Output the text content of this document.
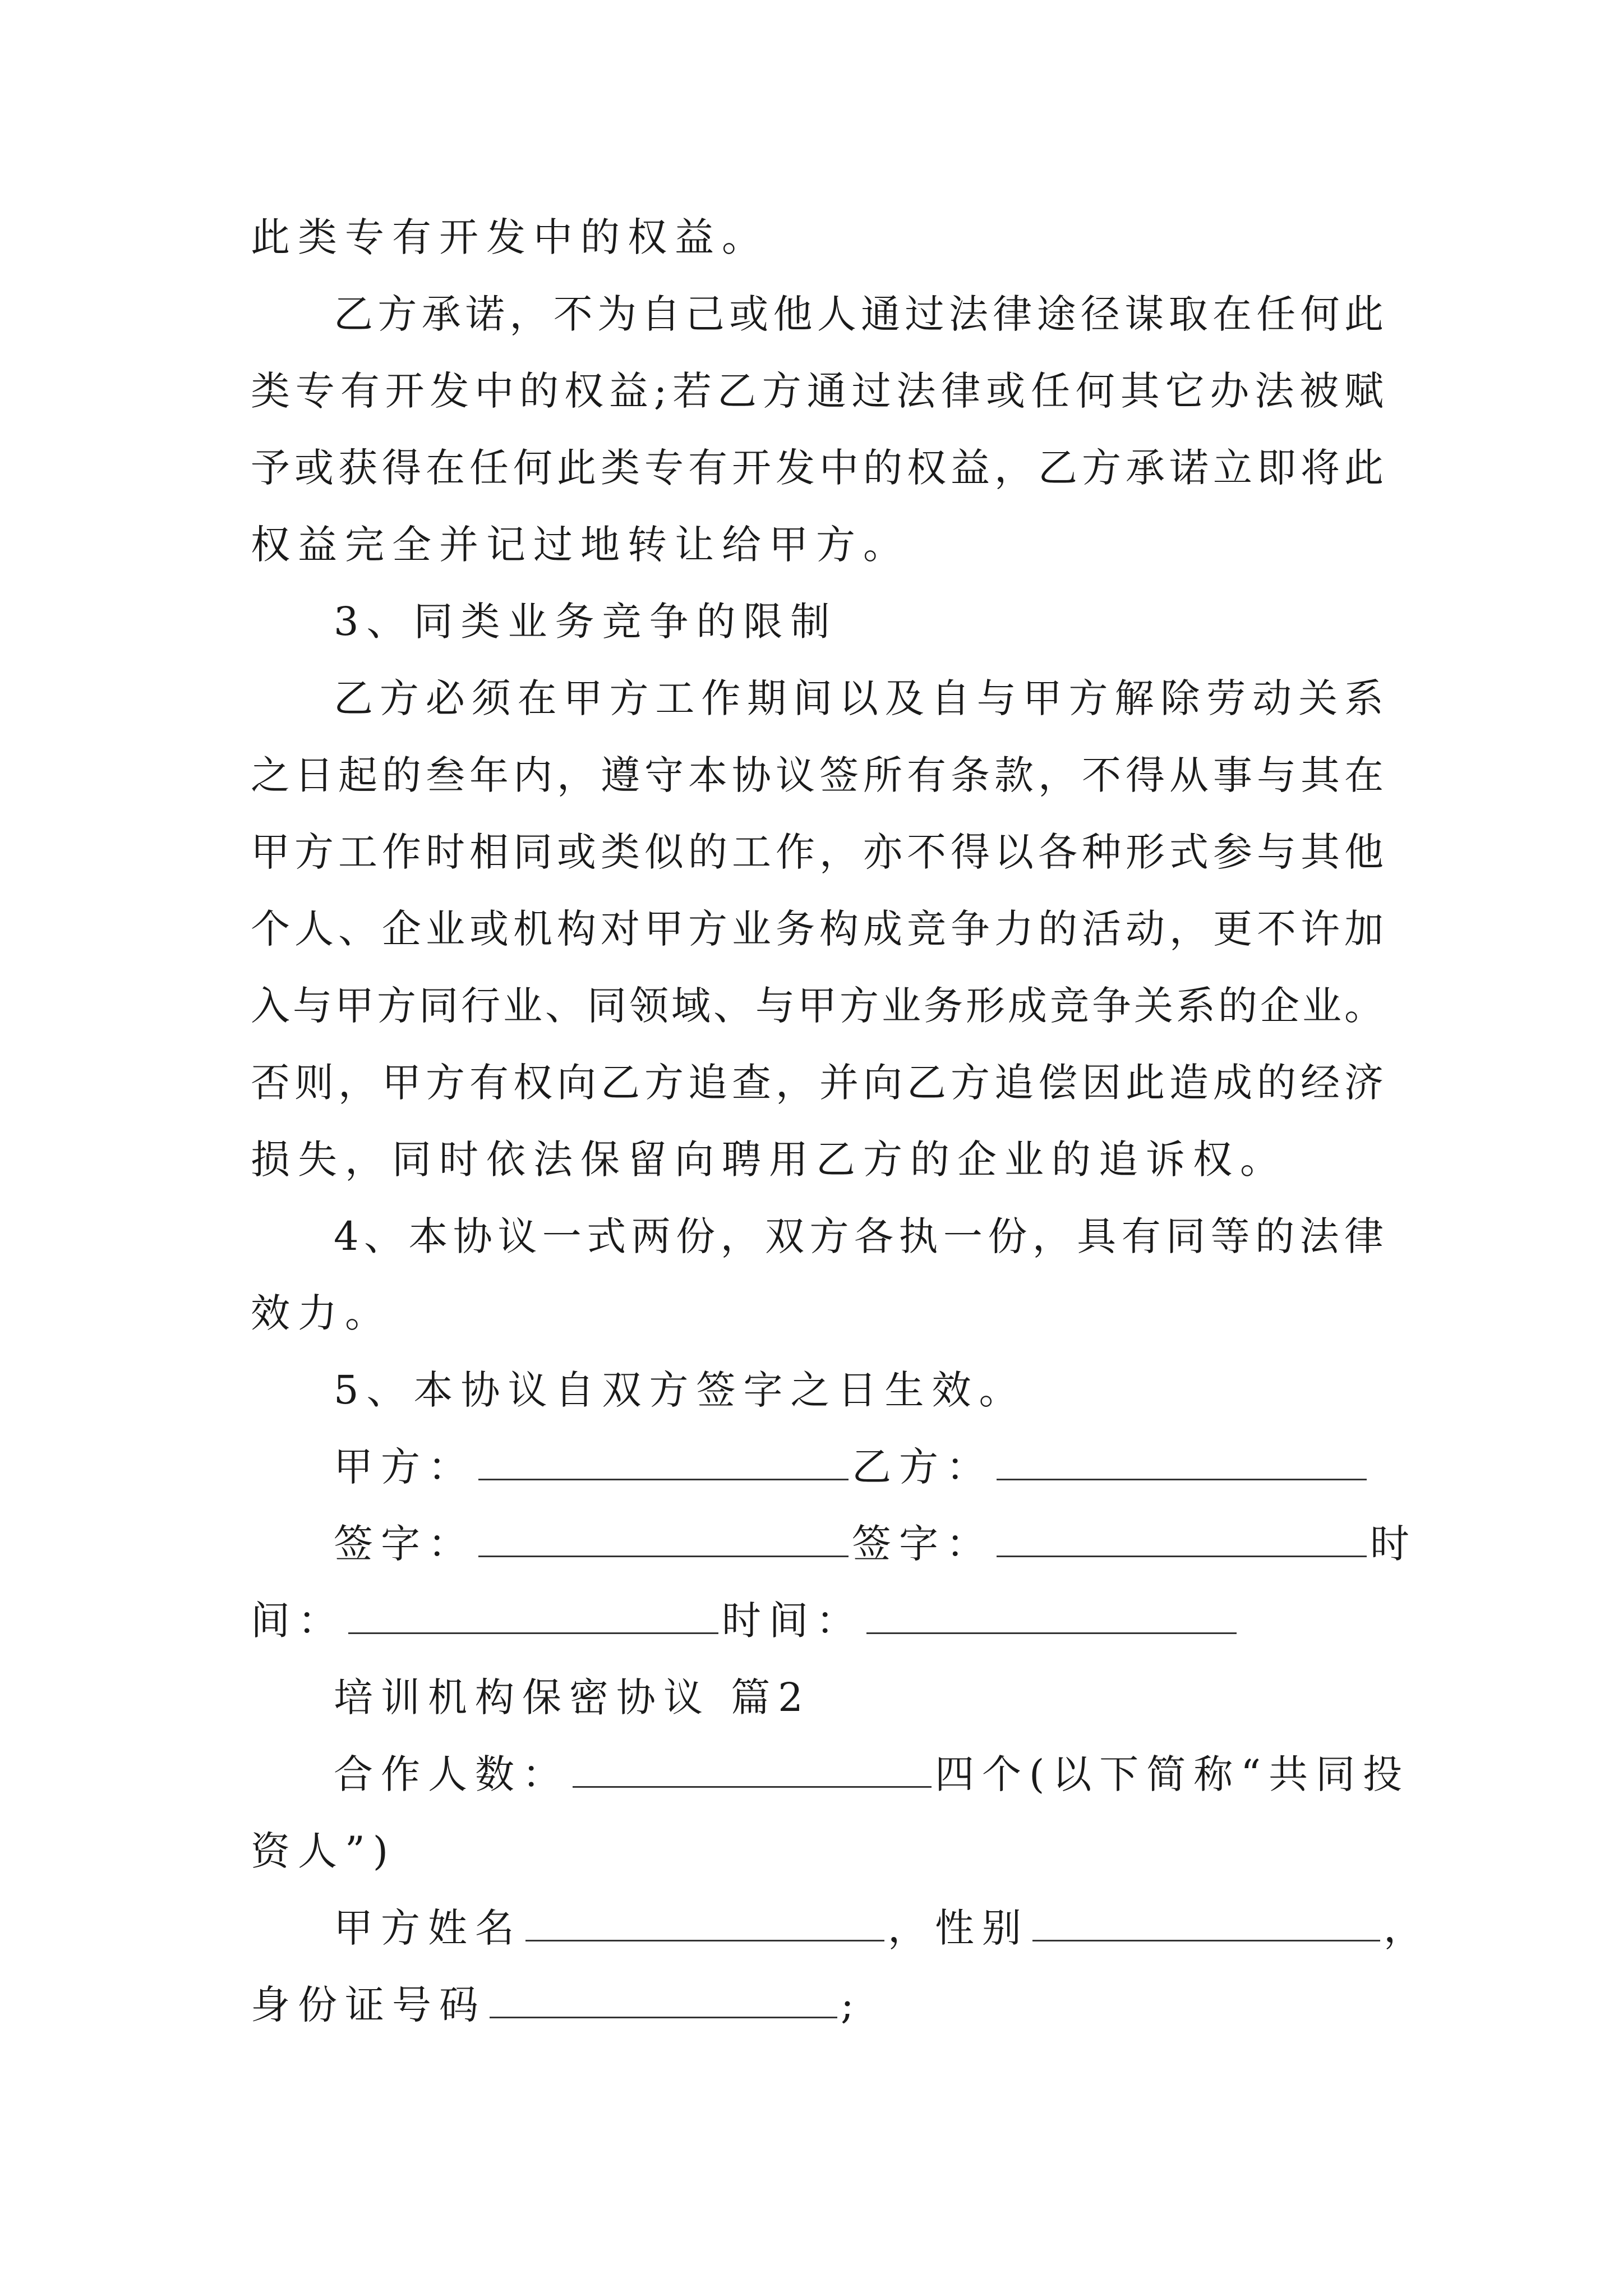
此类专有开发中的权益。
乙方承诺，不为自己或他人通过法律途径谋取在任何此
类专有开发中的权益;若乙方通过法律或任何其它办法被赋
予或获得在任何此类专有开发中的权益，乙方承诺立即将此
权益完全并记过地转让给甲方。
3、同类业务竞争的限制
乙方必须在甲方工作期间以及自与甲方解除劳动关系
之日起的叁年内，遵守本协议签所有条款，不得从事与其在
甲方工作时相同或类似的工作，亦不得以各种形式参与其他
个人、企业或机构对甲方业务构成竞争力的活动，更不许加
入与甲方同行业、同领域、与甲方业务形成竞争关系的企业。
否则，甲方有权向乙方追查，并向乙方追偿因此造成的经济
损失，同时依法保留向聘用乙方的企业的追诉权。
4、本协议一式两份，双方各执一份，具有同等的法律
效力。
5、本协议自双方签字之日生效。
甲方：	乙方：
签字：	签字：	时
间：	时间：
培训机构保密协议 篇2
合作人数：	四个(以下简称“共同投
资人”)
甲方姓名	，性别	，
身份证号码	;
